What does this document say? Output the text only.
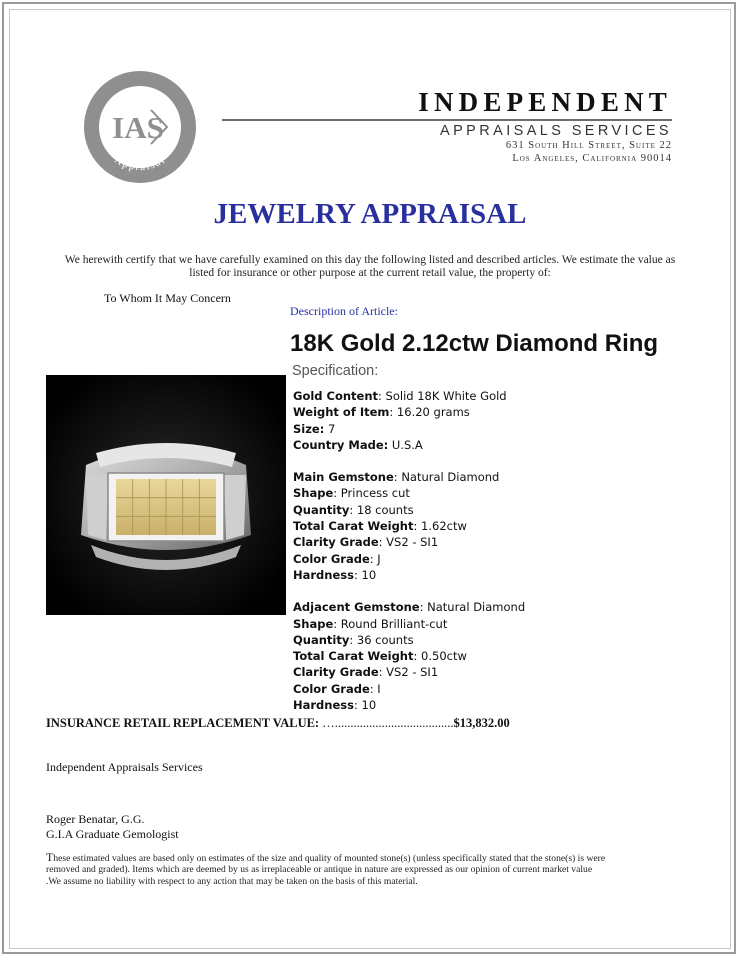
IAS
Appraisal
INDEPENDENT
APPRAISALS SERVICES
631 South Hill Street, Suite 22
Los Angeles, California 90014
JEWELRY APPRAISAL
We herewith certify that we have carefully examined on this day the following listed and described articles. We estimate the value as listed for insurance or other purpose at the current retail value, the property of:
To Whom It May Concern
Description of Article:
18K Gold 2.12ctw Diamond Ring
Specification:
Gold Content: Solid 18K White Gold
Weight of Item: 16.20 grams
Size: 7
Country Made: U.S.A
Main Gemstone: Natural Diamond
Shape: Princess cut
Quantity: 18 counts
Total Carat Weight: 1.62ctw
Clarity Grade: VS2 - SI1
Color Grade: J
Hardness: 10
Adjacent Gemstone: Natural Diamond
Shape: Round Brilliant-cut
Quantity: 36 counts
Total Carat Weight: 0.50ctw
Clarity Grade: VS2 - SI1
Color Grade: I
Hardness: 10
INSURANCE RETAIL REPLACEMENT VALUE: …......................................$13,832.00
Independent Appraisals Services
Roger Benatar, G.G.
G.I.A Graduate Gemologist
These estimated values are based only on estimates of the size and quality of mounted stone(s) (unless specifically stated that the stone(s) is were removed and graded). Items which are deemed by us as irreplaceable or antique in nature are expressed as our opinion of current market value .We assume no liability with respect to any action that may be taken on the basis of this material.
